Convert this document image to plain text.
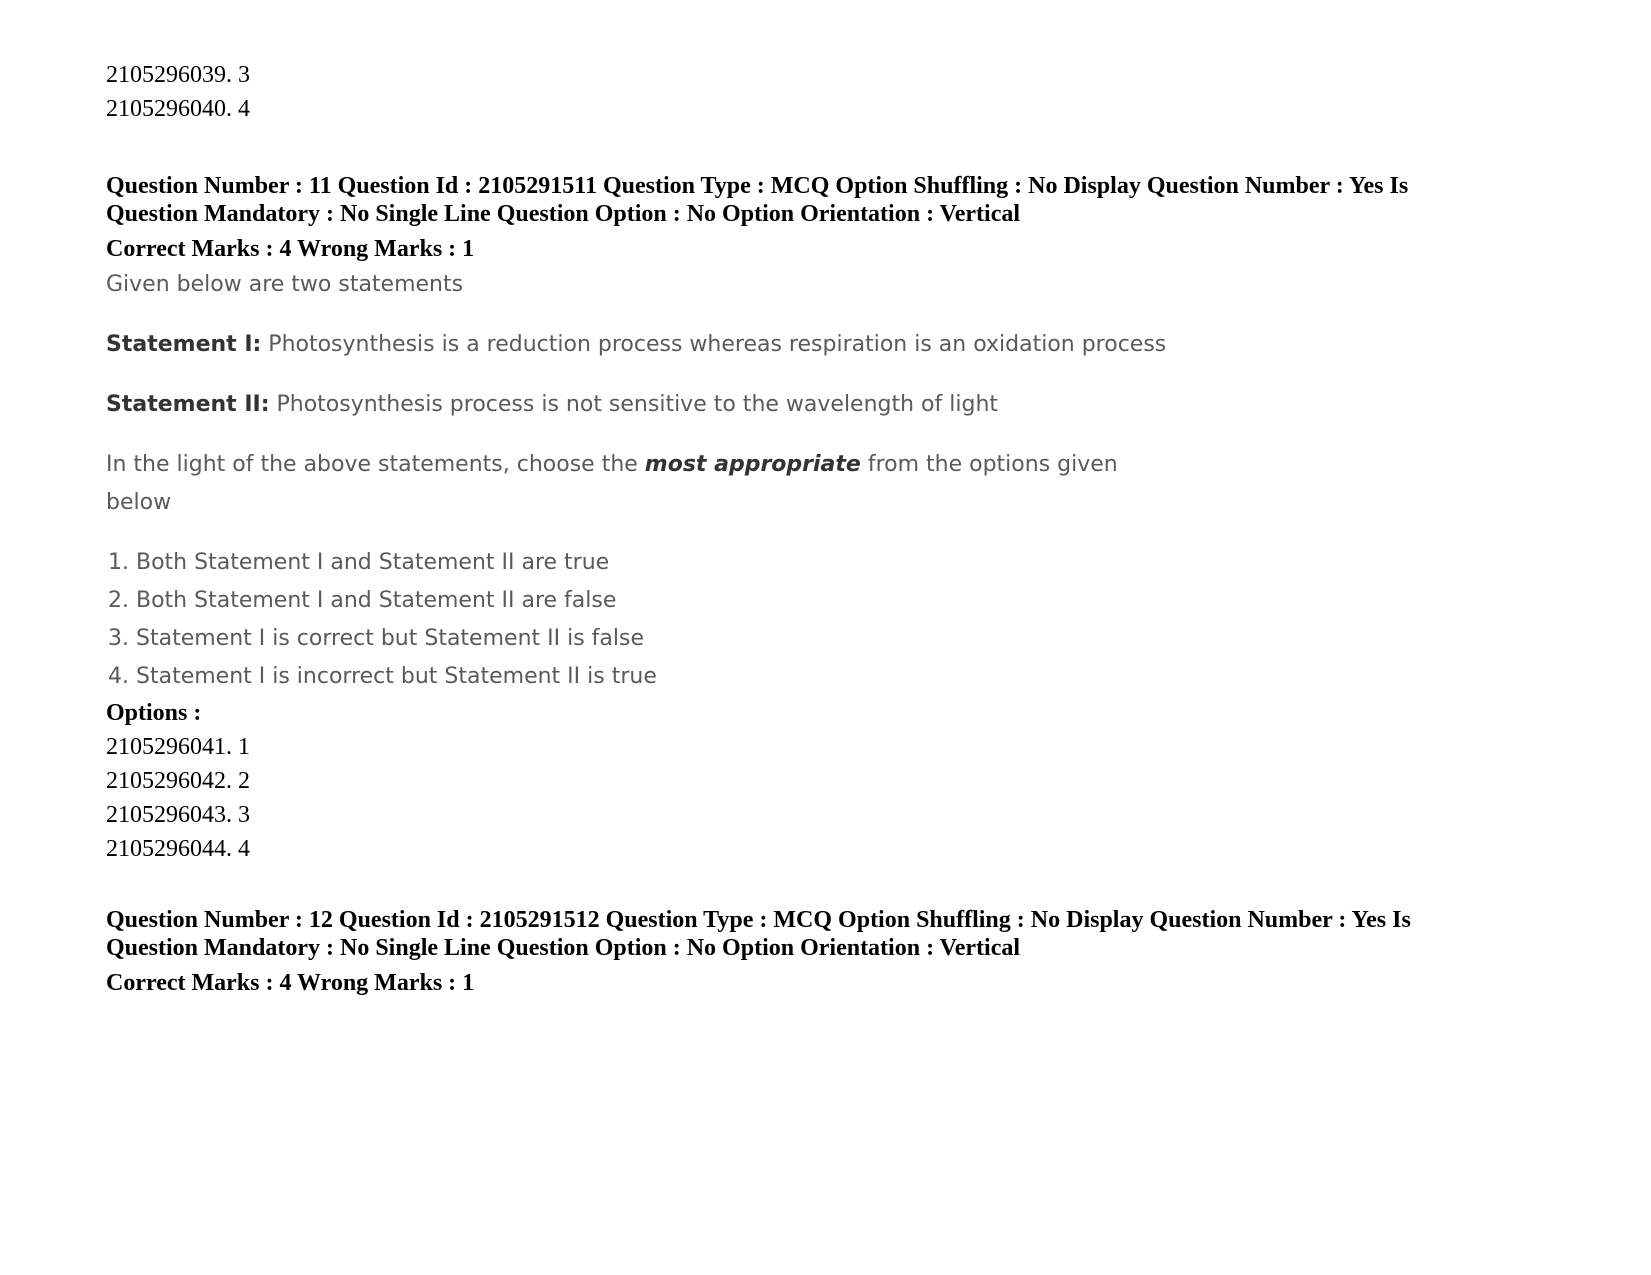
2105296039. 3

2105296040. 4

Question Number : 11 Question Id : 2105291511 Question Type : MCQ Option Shuffling : No Display Question Number : Yes Is

Question Mandatory : No Single Line Question Option : No Option Orientation : Vertical

Correct Marks : 4 Wrong Marks : 1

Given below are two statements

Statement I: Photosynthesis is a reduction process whereas respiration is an oxidation process

Statement II: Photosynthesis process is not sensitive to the wavelength of light

In the light of the above statements, choose the most appropriate from the options given

below

1. Both Statement I and Statement II are true
2. Both Statement I and Statement II are false
3. Statement I is correct but Statement II is false
4. Statement I is incorrect but Statement II is true

Options :

2105296041. 1

2105296042. 2

2105296043. 3

2105296044. 4

Question Number : 12 Question Id : 2105291512 Question Type : MCQ Option Shuffling : No Display Question Number : Yes Is

Question Mandatory : No Single Line Question Option : No Option Orientation : Vertical

Correct Marks : 4 Wrong Marks : 1
